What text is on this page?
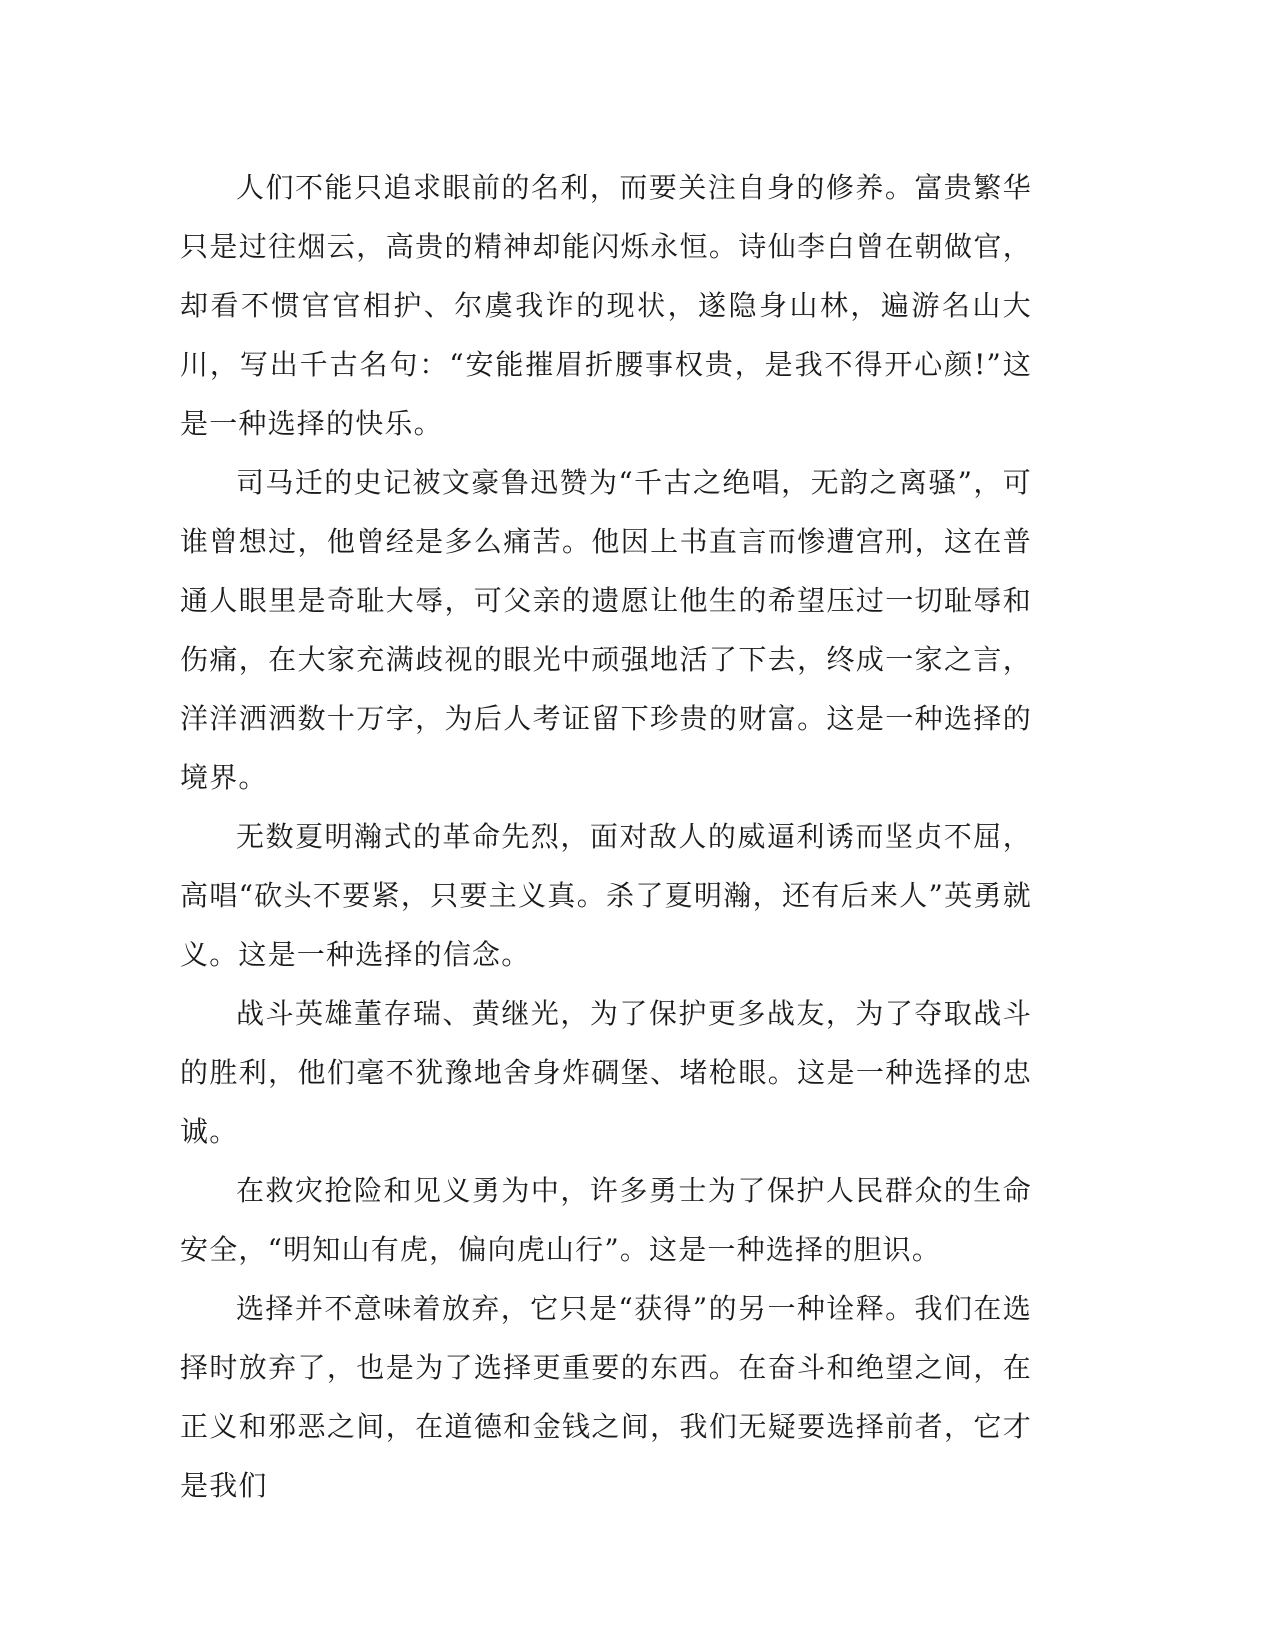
人们不能只追求眼前的名利，而要关注自身的修养。富贵繁华只是过往烟云，高贵的精神却能闪烁永恒。诗仙李白曾在朝做官，却看不惯官官相护、尔虞我诈的现状，遂隐身山林，遍游名山大川，写出千古名句：“安能摧眉折腰事权贵，是我不得开心颜!”这是一种选择的快乐。

司马迁的史记被文豪鲁迅赞为“千古之绝唱，无韵之离骚”，可谁曾想过，他曾经是多么痛苦。他因上书直言而惨遭宫刑，这在普通人眼里是奇耻大辱，可父亲的遗愿让他生的希望压过一切耻辱和伤痛，在大家充满歧视的眼光中顽强地活了下去，终成一家之言，洋洋洒洒数十万字，为后人考证留下珍贵的财富。这是一种选择的境界。

无数夏明瀚式的革命先烈，面对敌人的威逼利诱而坚贞不屈，高唱“砍头不要紧，只要主义真。杀了夏明瀚，还有后来人”英勇就义。这是一种选择的信念。

战斗英雄董存瑞、黄继光，为了保护更多战友，为了夺取战斗的胜利，他们毫不犹豫地舍身炸碉堡、堵枪眼。这是一种选择的忠诚。

在救灾抢险和见义勇为中，许多勇士为了保护人民群众的生命安全，“明知山有虎，偏向虎山行”。这是一种选择的胆识。

选择并不意味着放弃，它只是“获得”的另一种诠释。我们在选择时放弃了，也是为了选择更重要的东西。在奋斗和绝望之间，在正义和邪恶之间，在道德和金钱之间，我们无疑要选择前者，它才是我们
